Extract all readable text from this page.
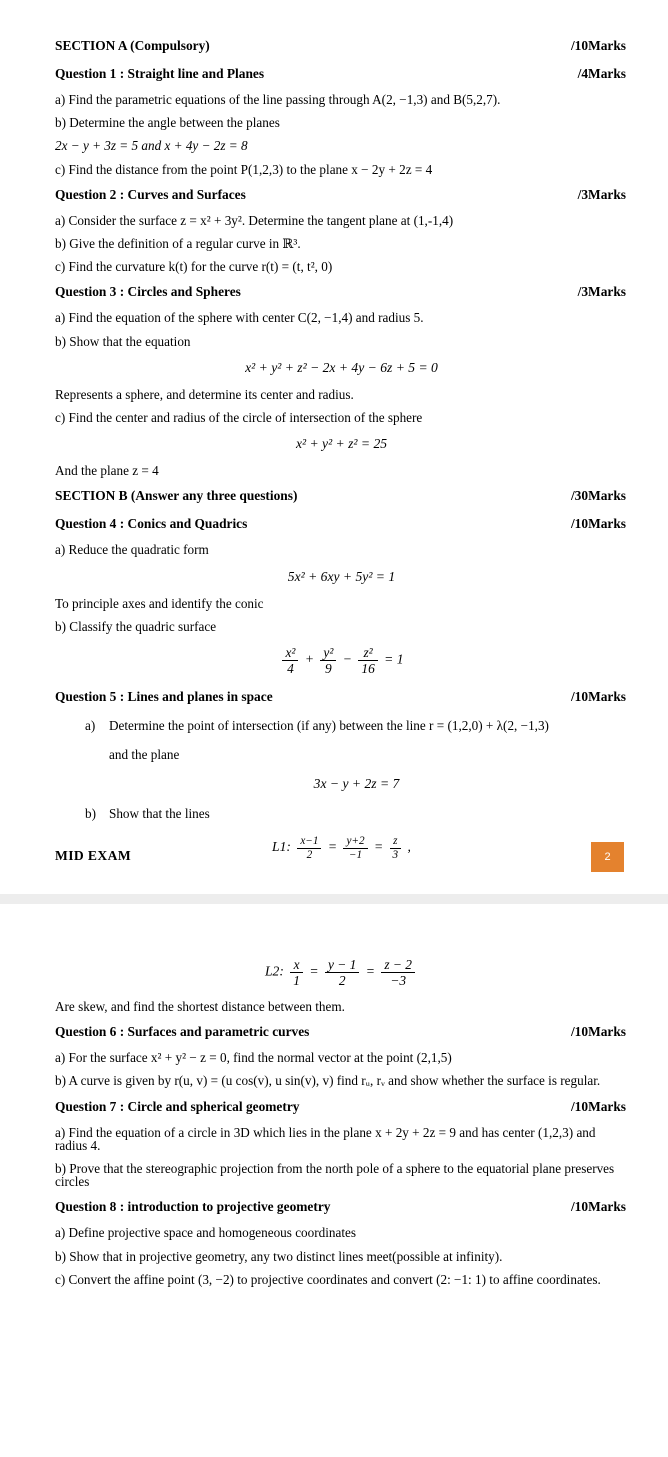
SECTION A (Compulsory)	/10Marks
Question 1 : Straight line and Planes	/4Marks
a) Find the parametric equations of the line passing through A(2, −1,3) and B(5,2,7).
b) Determine the angle between the planes
2x − y + 3z = 5 and x + 4y − 2z = 8
c) Find the distance from the point P(1,2,3) to the plane x − 2y + 2z = 4
Question 2 : Curves and Surfaces	/3Marks
a) Consider the surface z = x² + 3y². Determine the tangent plane at (1,-1,4)
b) Give the definition of a regular curve in ℝ³.
c) Find the curvature k(t) for the curve r(t) = (t, t², 0)
Question 3 : Circles and Spheres	/3Marks
a) Find the equation of the sphere with center C(2, −1,4) and radius 5.
b) Show that the equation
x² + y² + z² − 2x + 4y − 6z + 5 = 0
Represents a sphere, and determine its center and radius.
c) Find the center and radius of the circle of intersection of the sphere
x² + y² + z² = 25
And the plane z = 4
SECTION B (Answer any three questions)	/30Marks
Question 4 : Conics and Quadrics	/10Marks
a) Reduce the quadratic form
5x² + 6xy + 5y² = 1
To principle axes and identify the conic
b) Classify the quadric surface
$\frac{\text{x²}}{4} + \frac{\text{y²}}{9} - \frac{\text{z²}}{16} = 1$
Question 5 : Lines and planes in space	/10Marks
a)	Determine the point of intersection (if any) between the line r = (1,2,0) + λ(2, −1,3)
and the plane
3x − y + 2z = 7
b) Show that the lines
L1: $\frac{x-1}{2} = \frac{y+2}{-1} = \frac{z}{3}$ ,
MID EXAM	2
L2: $\frac{x}{1} = \frac{y - 1}{2} = \frac{z - 2}{-3}$
Are skew, and find the shortest distance between them.
Question 6 : Surfaces and parametric curves	/10Marks
a) For the surface x² + y² − z = 0, find the normal vector at the point (2,1,5)
b) A curve is given by r(u, v) = (u cos(v), u sin(v), v) find rᵤ, rᵥ and show whether the surface is regular.
Question 7 : Circle and spherical geometry	/10Marks
a) Find the equation of a circle in 3D which lies in the plane x + 2y + 2z = 9 and has center (1,2,3) and radius 4.
b) Prove that the stereographic projection from the north pole of a sphere to the equatorial plane preserves circles
Question 8 : introduction to projective geometry	/10Marks
a) Define projective space and homogeneous coordinates
b) Show that in projective geometry, any two distinct lines meet(possible at infinity).
c) Convert the affine point (3, −2) to projective coordinates and convert (2: −1: 1) to affine coordinates.
